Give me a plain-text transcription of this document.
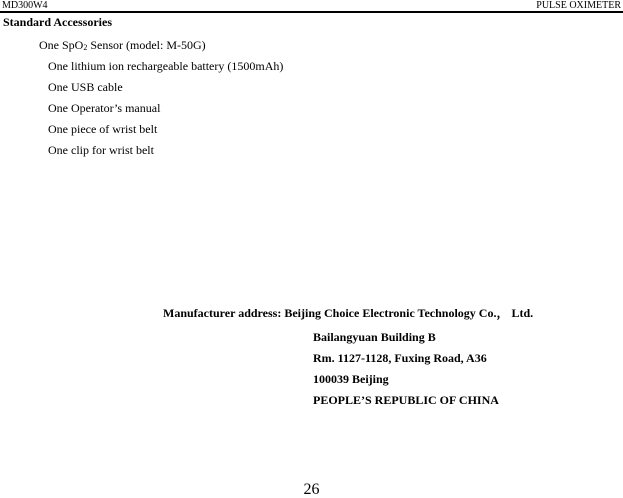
MD300W4	PULSE OXIMETER
Standard Accessories
One SpO$_2$ Sensor (model: M-50G)
One lithium ion rechargeable battery (1500mAh)
One USB cable
One Operator’s manual
One piece of wrist belt
One clip for wrist belt
Manufacturer address: Beijing Choice Electronic Technology Co.， Ltd.
Bailangyuan Building B
Rm. 1127-1128, Fuxing Road, A36
100039 Beijing
PEOPLE’S REPUBLIC OF CHINA
26
